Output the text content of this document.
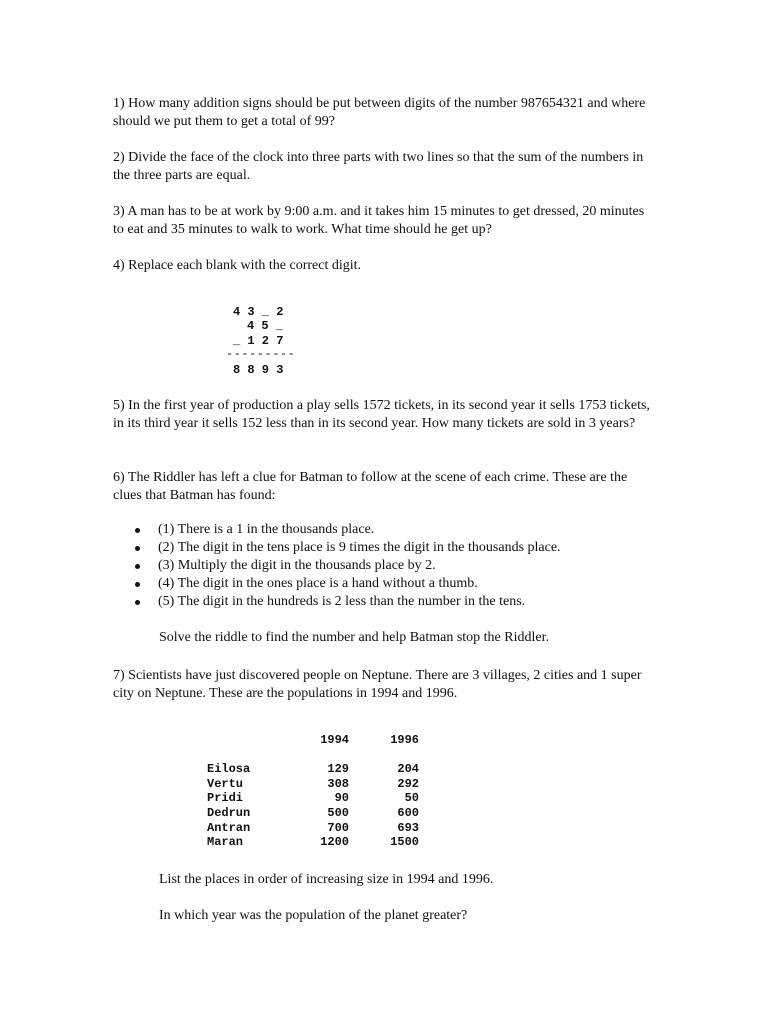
1) How many addition signs should be put between digits of the number 987654321 and where should we put them to get a total of 99?

2) Divide the face of the clock into three parts with two lines so that the sum of the numbers in the three parts are equal.

3) A man has to be at work by 9:00 a.m. and it takes him 15 minutes to get dressed, 20 minutes to eat and 35 minutes to walk to work. What time should he get up?

4) Replace each blank with the correct digit.

4 3 _ 2
4 5 _
_ 1 2 7
---------
8 8 9 3

5) In the first year of production a play sells 1572 tickets, in its second year it sells 1753 tickets, in its third year it sells 152 less than in its second year. How many tickets are sold in 3 years?

6) The Riddler has left a clue for Batman to follow at the scene of each crime. These are the clues that Batman has found:

(1) There is a 1 in the thousands place.
(2) The digit in the tens place is 9 times the digit in the thousands place.
(3) Multiply the digit in the thousands place by 2.
(4) The digit in the ones place is a hand without a thumb.
(5) The digit in the hundreds is 2 less than the number in the tens.

Solve the riddle to find the number and help Batman stop the Riddler.

7) Scientists have just discovered people on Neptune. There are 3 villages, 2 cities and 1 super city on Neptune. These are the populations in 1994 and 1996.

	1994	1996

Eilosa	129	204
Vertu	308	292
Pridi	90	50
Dedrun	500	600
Antran	700	693
Maran	1200	1500

List the places in order of increasing size in 1994 and 1996.

In which year was the population of the planet greater?
